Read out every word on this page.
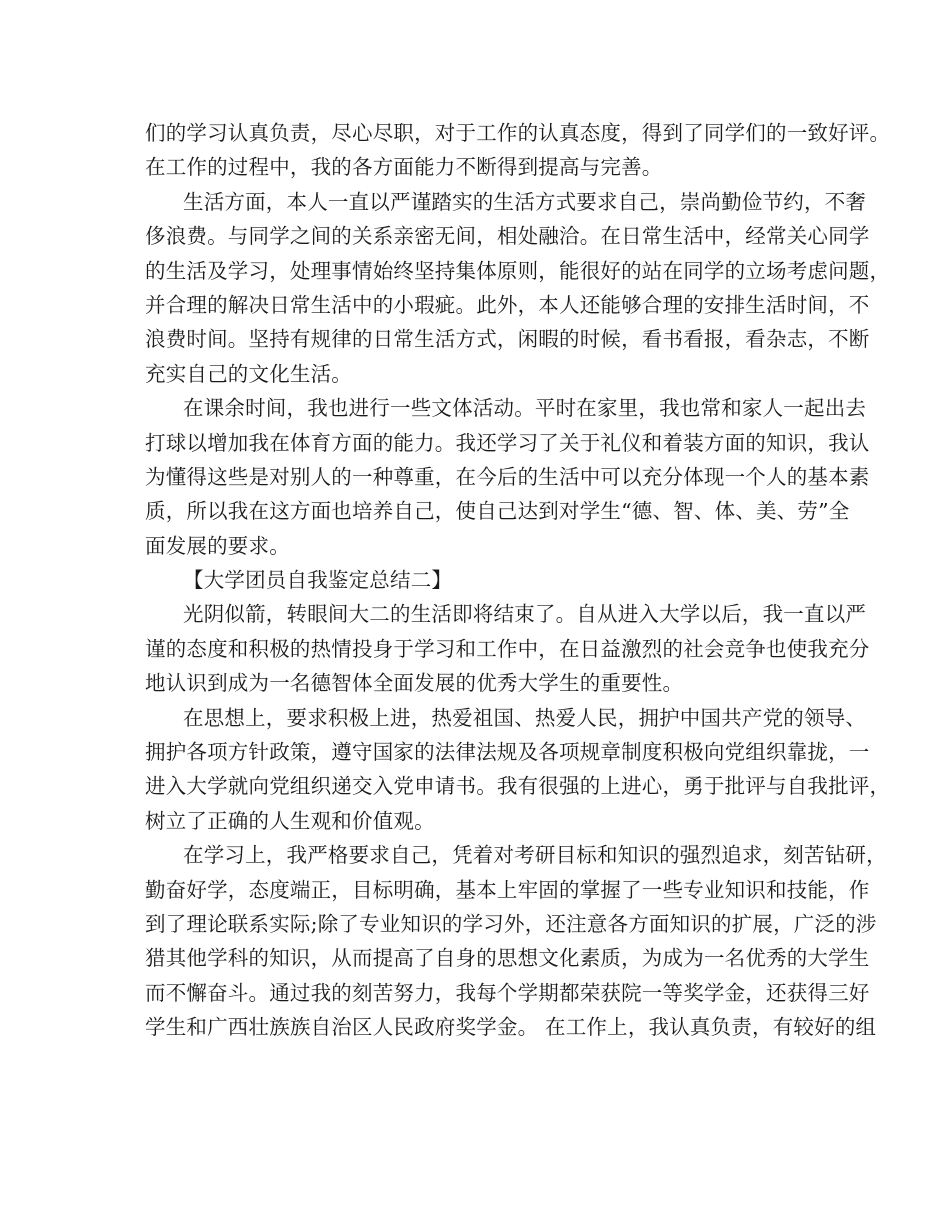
们的学习认真负责，尽心尽职，对于工作的认真态度，得到了同学们的一致好评。
在工作的过程中，我的各方面能力不断得到提高与完善。
生活方面，本人一直以严谨踏实的生活方式要求自己，崇尚勤俭节约，不奢
侈浪费。与同学之间的关系亲密无间，相处融洽。在日常生活中，经常关心同学
的生活及学习，处理事情始终坚持集体原则，能很好的站在同学的立场考虑问题，
并合理的解决日常生活中的小瑕疵。此外，本人还能够合理的安排生活时间，不
浪费时间。坚持有规律的日常生活方式，闲暇的时候，看书看报，看杂志，不断
充实自己的文化生活。
在课余时间，我也进行一些文体活动。平时在家里，我也常和家人一起出去
打球以增加我在体育方面的能力。我还学习了关于礼仪和着装方面的知识，我认
为懂得这些是对别人的一种尊重，在今后的生活中可以充分体现一个人的基本素
质，所以我在这方面也培养自己，使自己达到对学生“德、智、体、美、劳”全
面发展的要求。
【大学团员自我鉴定总结二】
光阴似箭，转眼间大二的生活即将结束了。自从进入大学以后，我一直以严
谨的态度和积极的热情投身于学习和工作中，在日益激烈的社会竞争也使我充分
地认识到成为一名德智体全面发展的优秀大学生的重要性。
在思想上，要求积极上进，热爱祖国、热爱人民，拥护中国共产党的领导、
拥护各项方针政策，遵守国家的法律法规及各项规章制度积极向党组织靠拢，一
进入大学就向党组织递交入党申请书。我有很强的上进心，勇于批评与自我批评，
树立了正确的人生观和价值观。
在学习上，我严格要求自己，凭着对考研目标和知识的强烈追求，刻苦钻研，
勤奋好学，态度端正，目标明确，基本上牢固的掌握了一些专业知识和技能，作
到了理论联系实际;除了专业知识的学习外，还注意各方面知识的扩展，广泛的涉
猎其他学科的知识，从而提高了自身的思想文化素质，为成为一名优秀的大学生
而不懈奋斗。通过我的刻苦努力，我每个学期都荣获院一等奖学金，还获得三好
学生和广西壮族族自治区人民政府奖学金。 在工作上，我认真负责，有较好的组
